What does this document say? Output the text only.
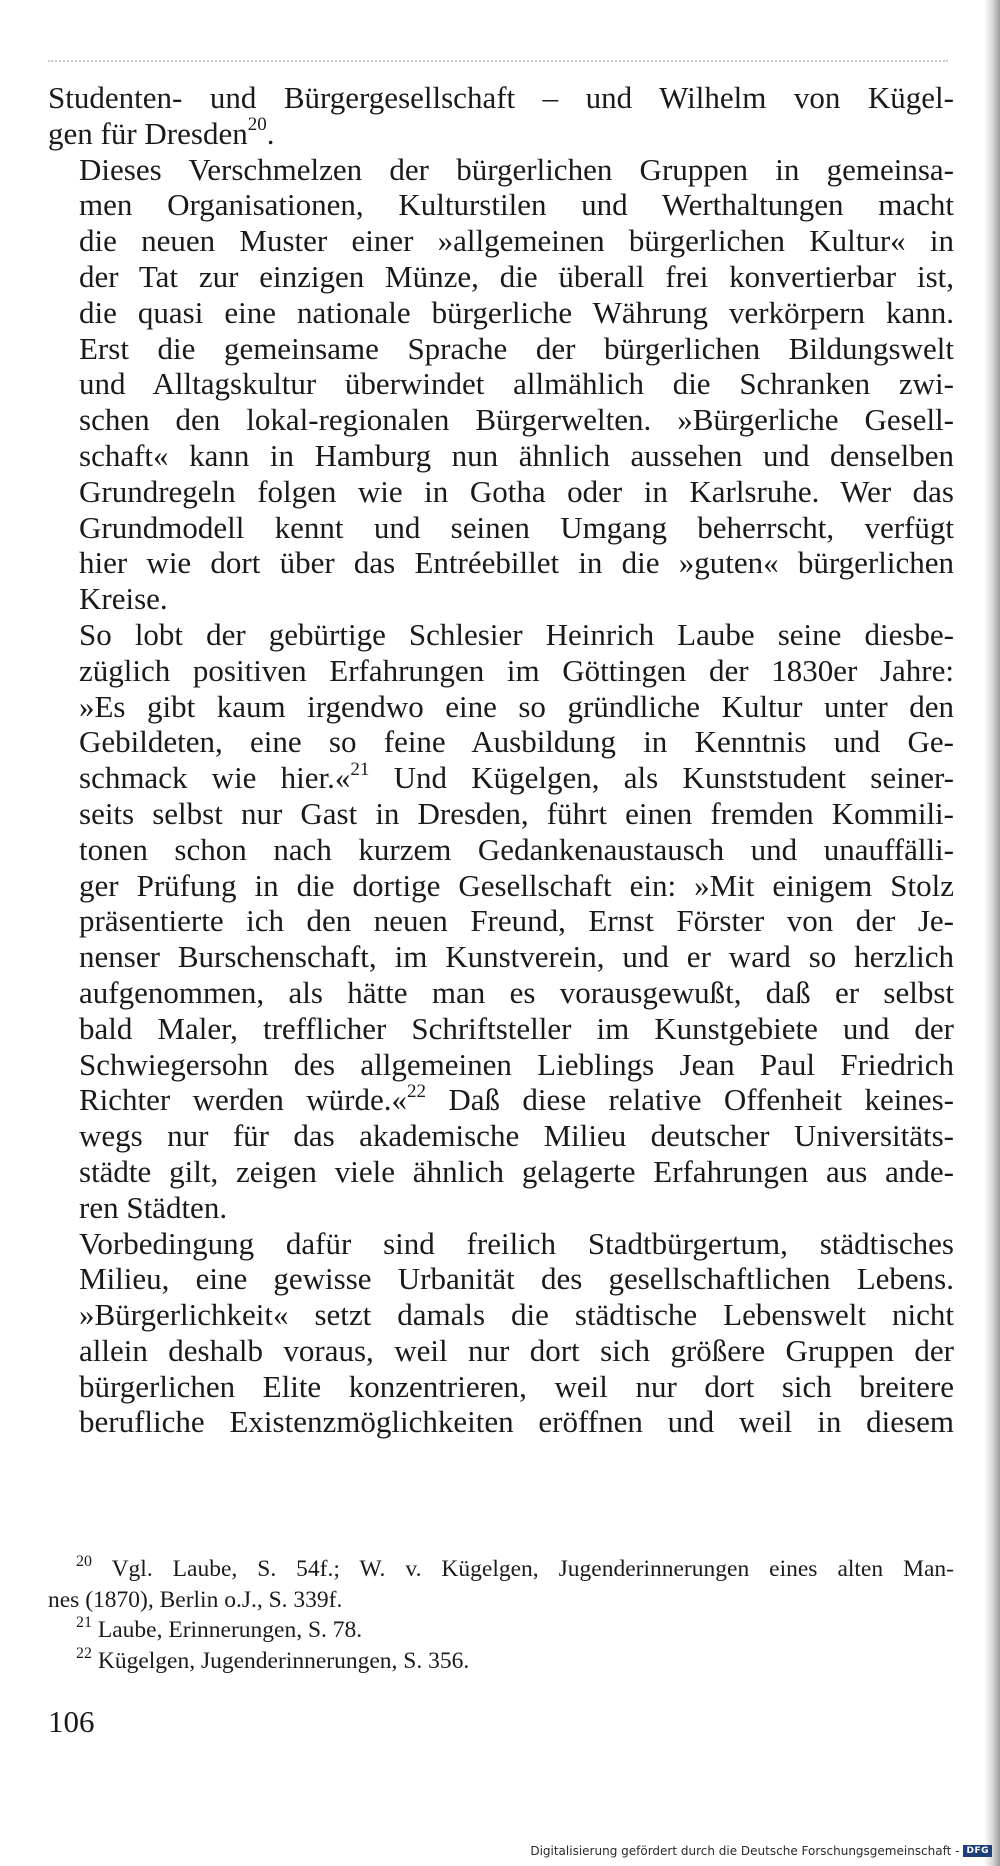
Studenten- und Bürgergesellschaft – und Wilhelm von Kügel-
gen für Dresden$^{20}$.

Dieses Verschmelzen der bürgerlichen Gruppen in gemeinsa-
men Organisationen, Kulturstilen und Werthaltungen macht
die neuen Muster einer »allgemeinen bürgerlichen Kultur« in
der Tat zur einzigen Münze, die überall frei konvertierbar ist,
die quasi eine nationale bürgerliche Währung verkörpern kann.
Erst die gemeinsame Sprache der bürgerlichen Bildungswelt
und Alltagskultur überwindet allmählich die Schranken zwi-
schen den lokal-regionalen Bürgerwelten. »Bürgerliche Gesell-
schaft« kann in Hamburg nun ähnlich aussehen und denselben
Grundregeln folgen wie in Gotha oder in Karlsruhe. Wer das
Grundmodell kennt und seinen Umgang beherrscht, verfügt
hier wie dort über das Entréebillet in die »guten« bürgerlichen
Kreise.

So lobt der gebürtige Schlesier Heinrich Laube seine diesbe-
züglich positiven Erfahrungen im Göttingen der 1830er Jahre:
»Es gibt kaum irgendwo eine so gründliche Kultur unter den
Gebildeten, eine so feine Ausbildung in Kenntnis und Ge-
schmack wie hier.«$^{21}$ Und Kügelgen, als Kunststudent seiner-
seits selbst nur Gast in Dresden, führt einen fremden Kommili-
tonen schon nach kurzem Gedankenaustausch und unauffälli-
ger Prüfung in die dortige Gesellschaft ein: »Mit einigem Stolz
präsentierte ich den neuen Freund, Ernst Förster von der Je-
nenser Burschenschaft, im Kunstverein, und er ward so herzlich
aufgenommen, als hätte man es vorausgewußt, daß er selbst
bald Maler, trefflicher Schriftsteller im Kunstgebiete und der
Schwiegersohn des allgemeinen Lieblings Jean Paul Friedrich
Richter werden würde.«$^{22}$ Daß diese relative Offenheit keines-
wegs nur für das akademische Milieu deutscher Universitäts-
städte gilt, zeigen viele ähnlich gelagerte Erfahrungen aus ande-
ren Städten.

Vorbedingung dafür sind freilich Stadtbürgertum, städtisches
Milieu, eine gewisse Urbanität des gesellschaftlichen Lebens.
»Bürgerlichkeit« setzt damals die städtische Lebenswelt nicht
allein deshalb voraus, weil nur dort sich größere Gruppen der
bürgerlichen Elite konzentrieren, weil nur dort sich breitere
berufliche Existenzmöglichkeiten eröffnen und weil in diesem

$^{20}$ Vgl. Laube, S. 54f.; W. v. Kügelgen, Jugenderinnerungen eines alten Man-
nes (1870), Berlin o.J., S. 339f.
$^{21}$ Laube, Erinnerungen, S. 78.
$^{22}$ Kügelgen, Jugenderinnerungen, S. 356.
106
Digitalisierung gefördert durch die Deutsche Forschungsgemeinschaft - DFG
